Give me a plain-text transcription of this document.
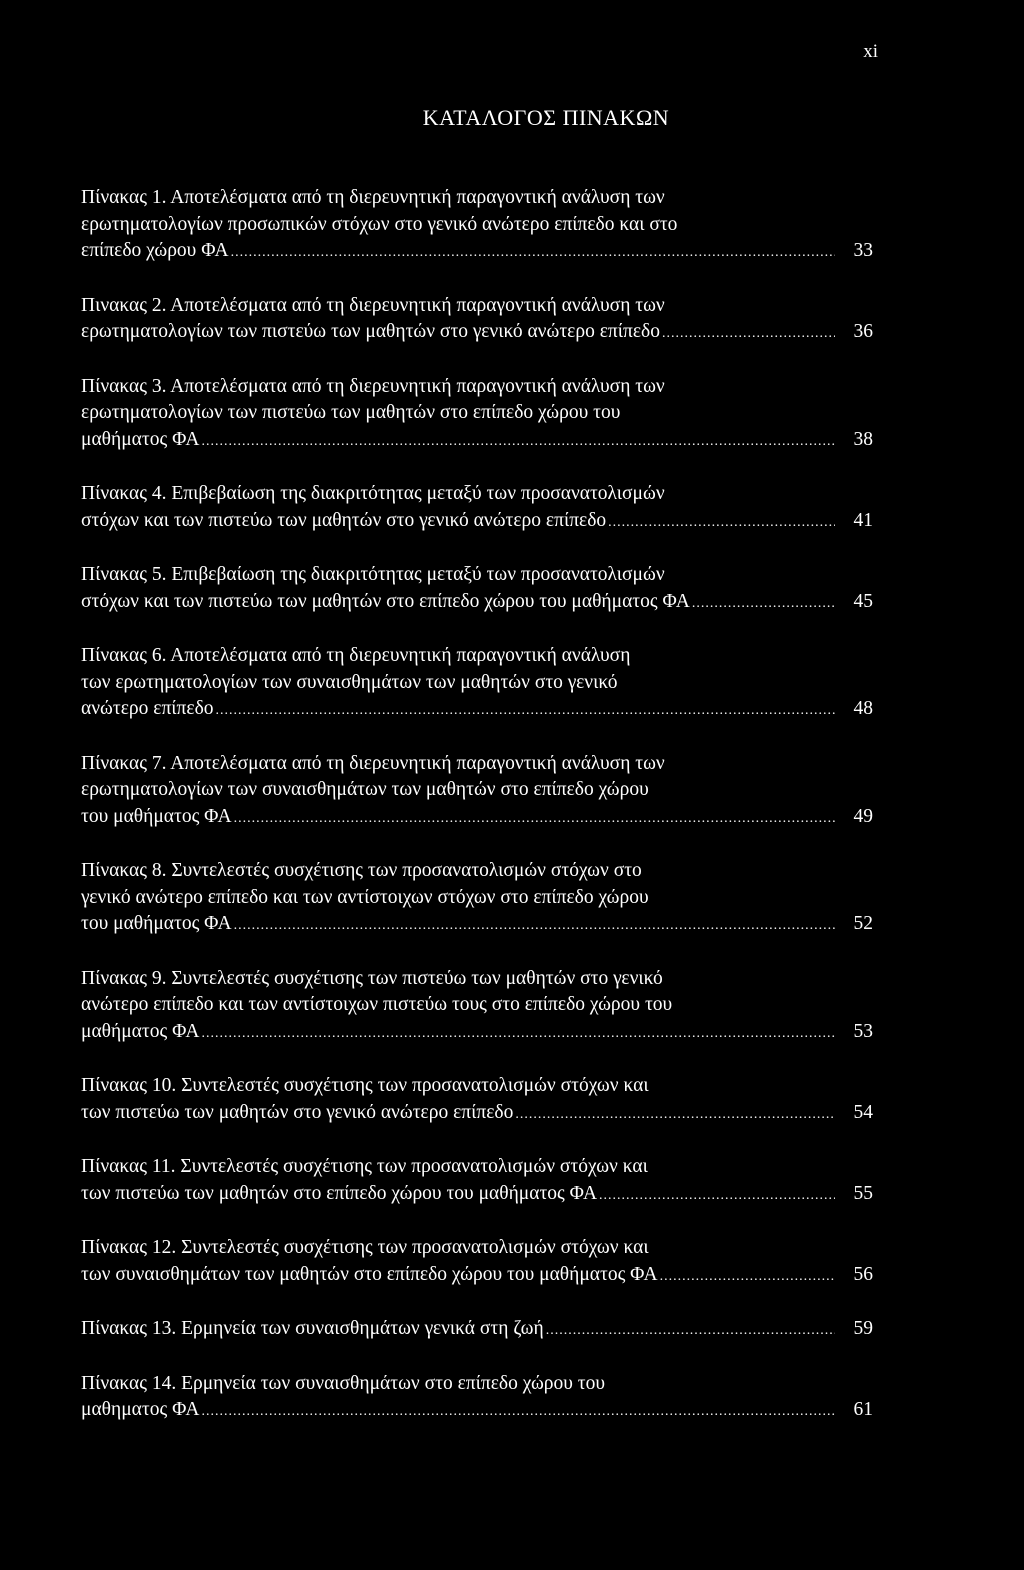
xi
ΚΑΤΑΛΟΓΟΣ ΠΙΝΑΚΩΝ
Πίνακας 1. Αποτελέσματα από τη διερευνητική παραγοντική ανάλυση των
ερωτηματολογίων προσωπικών στόχων στο γενικό ανώτερο επίπεδο και στο
επίπεδο χώρου ΦΑ .....	33
Πινακας 2. Αποτελέσματα από τη διερευνητική παραγοντική ανάλυση των
ερωτηματολογίων των πιστεύω των μαθητών στο γενικό ανώτερο επίπεδο .....	36
Πίνακας 3. Αποτελέσματα από τη διερευνητική παραγοντική ανάλυση των
ερωτηματολογίων των πιστεύω των μαθητών στο επίπεδο χώρου του
μαθήματος ΦΑ .....	38
Πίνακας 4. Επιβεβαίωση της διακριτότητας μεταξύ των προσανατολισμών
στόχων και των πιστεύω των μαθητών στο γενικό ανώτερο επίπεδο .....	41
Πίνακας 5. Επιβεβαίωση της διακριτότητας μεταξύ των προσανατολισμών
στόχων και των πιστεύω των μαθητών στο επίπεδο χώρου του μαθήματος ΦΑ .....	45
Πίνακας 6. Αποτελέσματα από τη διερευνητική παραγοντική ανάλυση
των ερωτηματολογίων των συναισθημάτων των μαθητών στο γενικό
ανώτερο επίπεδο .....	48
Πίνακας 7. Αποτελέσματα από τη διερευνητική παραγοντική ανάλυση των
ερωτηματολογίων των συναισθημάτων των μαθητών στο επίπεδο χώρου
του μαθήματος ΦΑ .....	49
Πίνακας 8. Συντελεστές συσχέτισης των προσανατολισμών στόχων στο
γενικό ανώτερο επίπεδο και των αντίστοιχων στόχων στο επίπεδο χώρου
του μαθήματος ΦΑ .....	52
Πίνακας 9. Συντελεστές συσχέτισης των πιστεύω των μαθητών στο γενικό
ανώτερο επίπεδο και των αντίστοιχων πιστεύω τους στο επίπεδο χώρου του
μαθήματος ΦΑ .....	53
Πίνακας 10. Συντελεστές συσχέτισης των προσανατολισμών στόχων και
των πιστεύω των μαθητών στο γενικό ανώτερο επίπεδο .....	54
Πίνακας 11. Συντελεστές συσχέτισης των προσανατολισμών στόχων και
των πιστεύω των μαθητών στο επίπεδο χώρου του μαθήματος ΦΑ .....	55
Πίνακας 12. Συντελεστές συσχέτισης των προσανατολισμών στόχων και
των συναισθημάτων των μαθητών στο επίπεδο χώρου του μαθήματος ΦΑ .....	56
Πίνακας 13. Ερμηνεία των συναισθημάτων γενικά στη ζωή .....	59
Πίνακας 14. Ερμηνεία των συναισθημάτων στο επίπεδο χώρου του
μαθηματος ΦΑ .....	61
